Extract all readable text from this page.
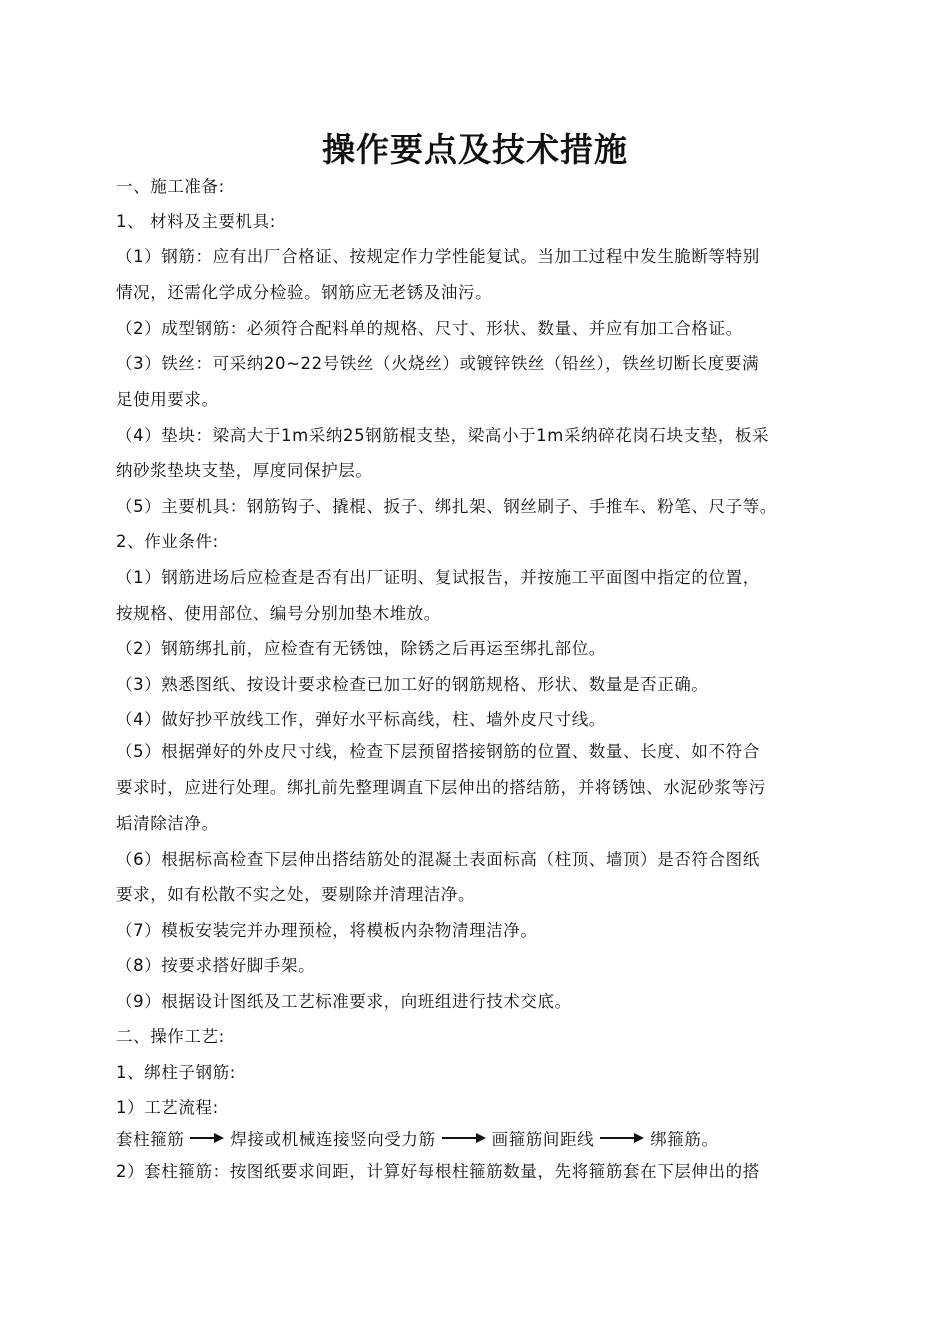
操作要点及技术措施
一、施工准备:
1、 材料及主要机具:
（1）钢筋：应有出厂合格证、按规定作力学性能复试。当加工过程中发生脆断等特别
情况，还需化学成分检验。钢筋应无老锈及油污。
（2）成型钢筋：必须符合配料单的规格、尺寸、形状、数量、并应有加工合格证。
（3）铁丝：可采纳20~22号铁丝（火烧丝）或镀锌铁丝（铅丝），铁丝切断长度要满
足使用要求。
（4）垫块：梁高大于1m采纳25钢筋棍支垫，梁高小于1m采纳碎花岗石块支垫，板采
纳砂浆垫块支垫，厚度同保护层。
（5）主要机具：钢筋钩子、撬棍、扳子、绑扎架、钢丝刷子、手推车、粉笔、尺子等。
2、作业条件:
（1）钢筋进场后应检查是否有出厂证明、复试报告，并按施工平面图中指定的位置，
按规格、使用部位、编号分别加垫木堆放。
（2）钢筋绑扎前，应检查有无锈蚀，除锈之后再运至绑扎部位。
（3）熟悉图纸、按设计要求检查已加工好的钢筋规格、形状、数量是否正确。
（4）做好抄平放线工作，弹好水平标高线，柱、墙外皮尺寸线。
（5）根据弹好的外皮尺寸线，检查下层预留搭接钢筋的位置、数量、长度、如不符合
要求时，应进行处理。绑扎前先整理调直下层伸出的搭结筋，并将锈蚀、水泥砂浆等污
垢清除洁净。
（6）根据标高检查下层伸出搭结筋处的混凝土表面标高（柱顶、墙顶）是否符合图纸
要求，如有松散不实之处，要剔除并清理洁净。
（7）模板安装完并办理预检，将模板内杂物清理洁净。
（8）按要求搭好脚手架。
（9）根据设计图纸及工艺标准要求，向班组进行技术交底。
二、操作工艺:
1、绑柱子钢筋:
1）工艺流程:
套柱箍筋	焊接或机械连接竖向受力筋	画箍筋间距线	绑箍筋。
2）套柱箍筋：按图纸要求间距，计算好每根柱箍筋数量，先将箍筋套在下层伸出的搭
